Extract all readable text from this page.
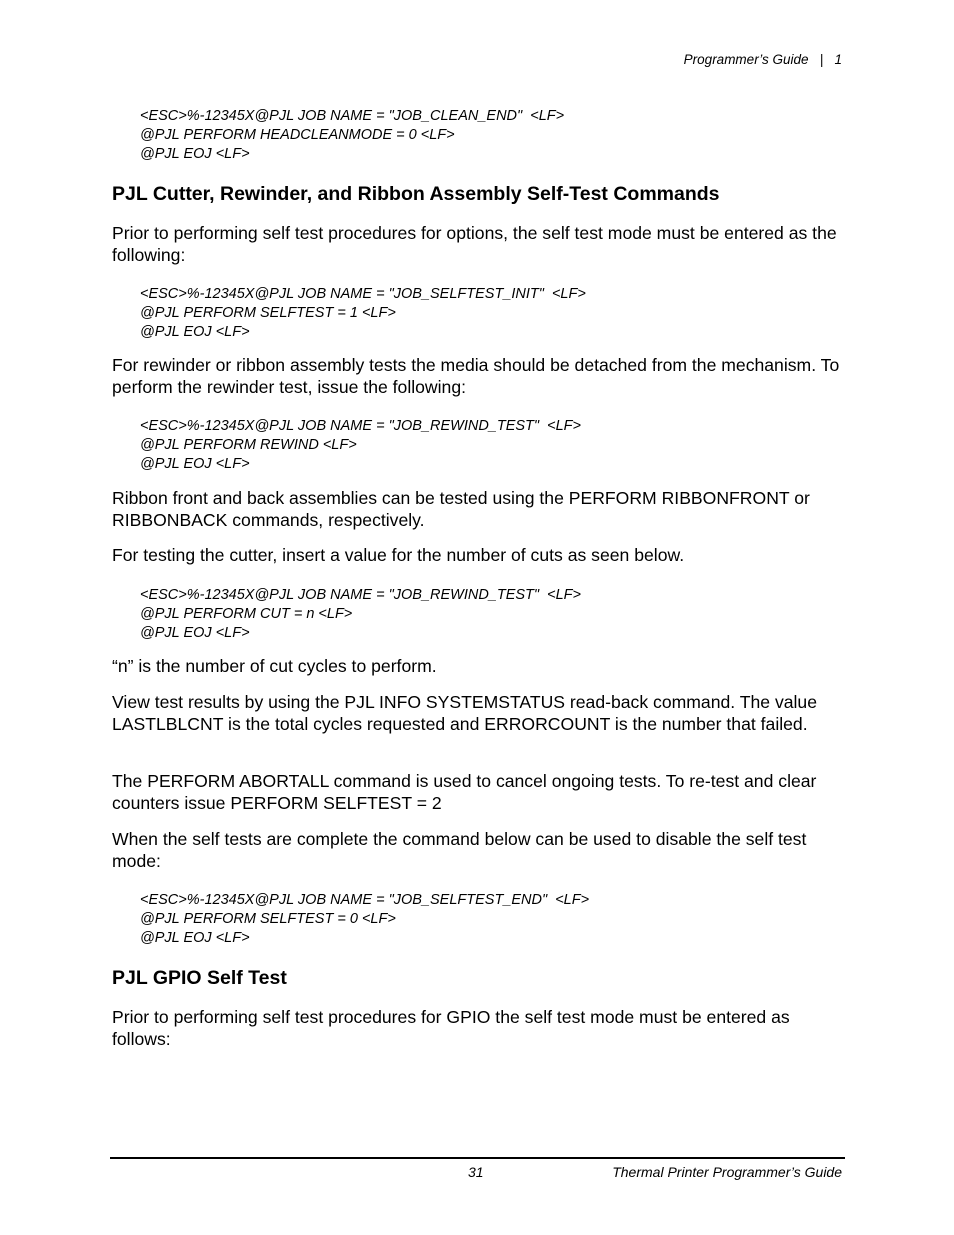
Programmer’s Guide   |   1
<ESC>%-12345X@PJL JOB NAME = "JOB_CLEAN_END"  <LF>
@PJL PERFORM HEADCLEANMODE = 0 <LF>
@PJL EOJ <LF>
PJL Cutter, Rewinder, and Ribbon Assembly Self-Test Commands
Prior to performing self test procedures for options, the self test mode must be entered as the following:
<ESC>%-12345X@PJL JOB NAME = "JOB_SELFTEST_INIT"  <LF>
@PJL PERFORM SELFTEST = 1 <LF>
@PJL EOJ <LF>
For rewinder or ribbon assembly tests the media should be detached from the mechanism. To perform the rewinder test, issue the following:
<ESC>%-12345X@PJL JOB NAME = "JOB_REWIND_TEST"  <LF>
@PJL PERFORM REWIND <LF>
@PJL EOJ <LF>
Ribbon front and back assemblies can be tested using the PERFORM RIBBONFRONT or RIBBONBACK commands, respectively.
For testing the cutter, insert a value for the number of cuts as seen below.
<ESC>%-12345X@PJL JOB NAME = "JOB_REWIND_TEST"  <LF>
@PJL PERFORM CUT = n <LF>
@PJL EOJ <LF>
“n” is the number of cut cycles to perform.
View test results by using the PJL INFO SYSTEMSTATUS read-back command. The value LASTLBLCNT is the total cycles requested and ERRORCOUNT is the number that failed.
The PERFORM ABORTALL command is used to cancel ongoing tests. To re-test and clear counters issue PERFORM SELFTEST = 2
When the self tests are complete the command below can be used to disable the self test mode:
<ESC>%-12345X@PJL JOB NAME = "JOB_SELFTEST_END"  <LF>
@PJL PERFORM SELFTEST = 0 <LF>
@PJL EOJ <LF>
PJL GPIO Self Test
Prior to performing self test procedures for GPIO the self test mode must be entered as follows:
31	Thermal Printer Programmer’s Guide
